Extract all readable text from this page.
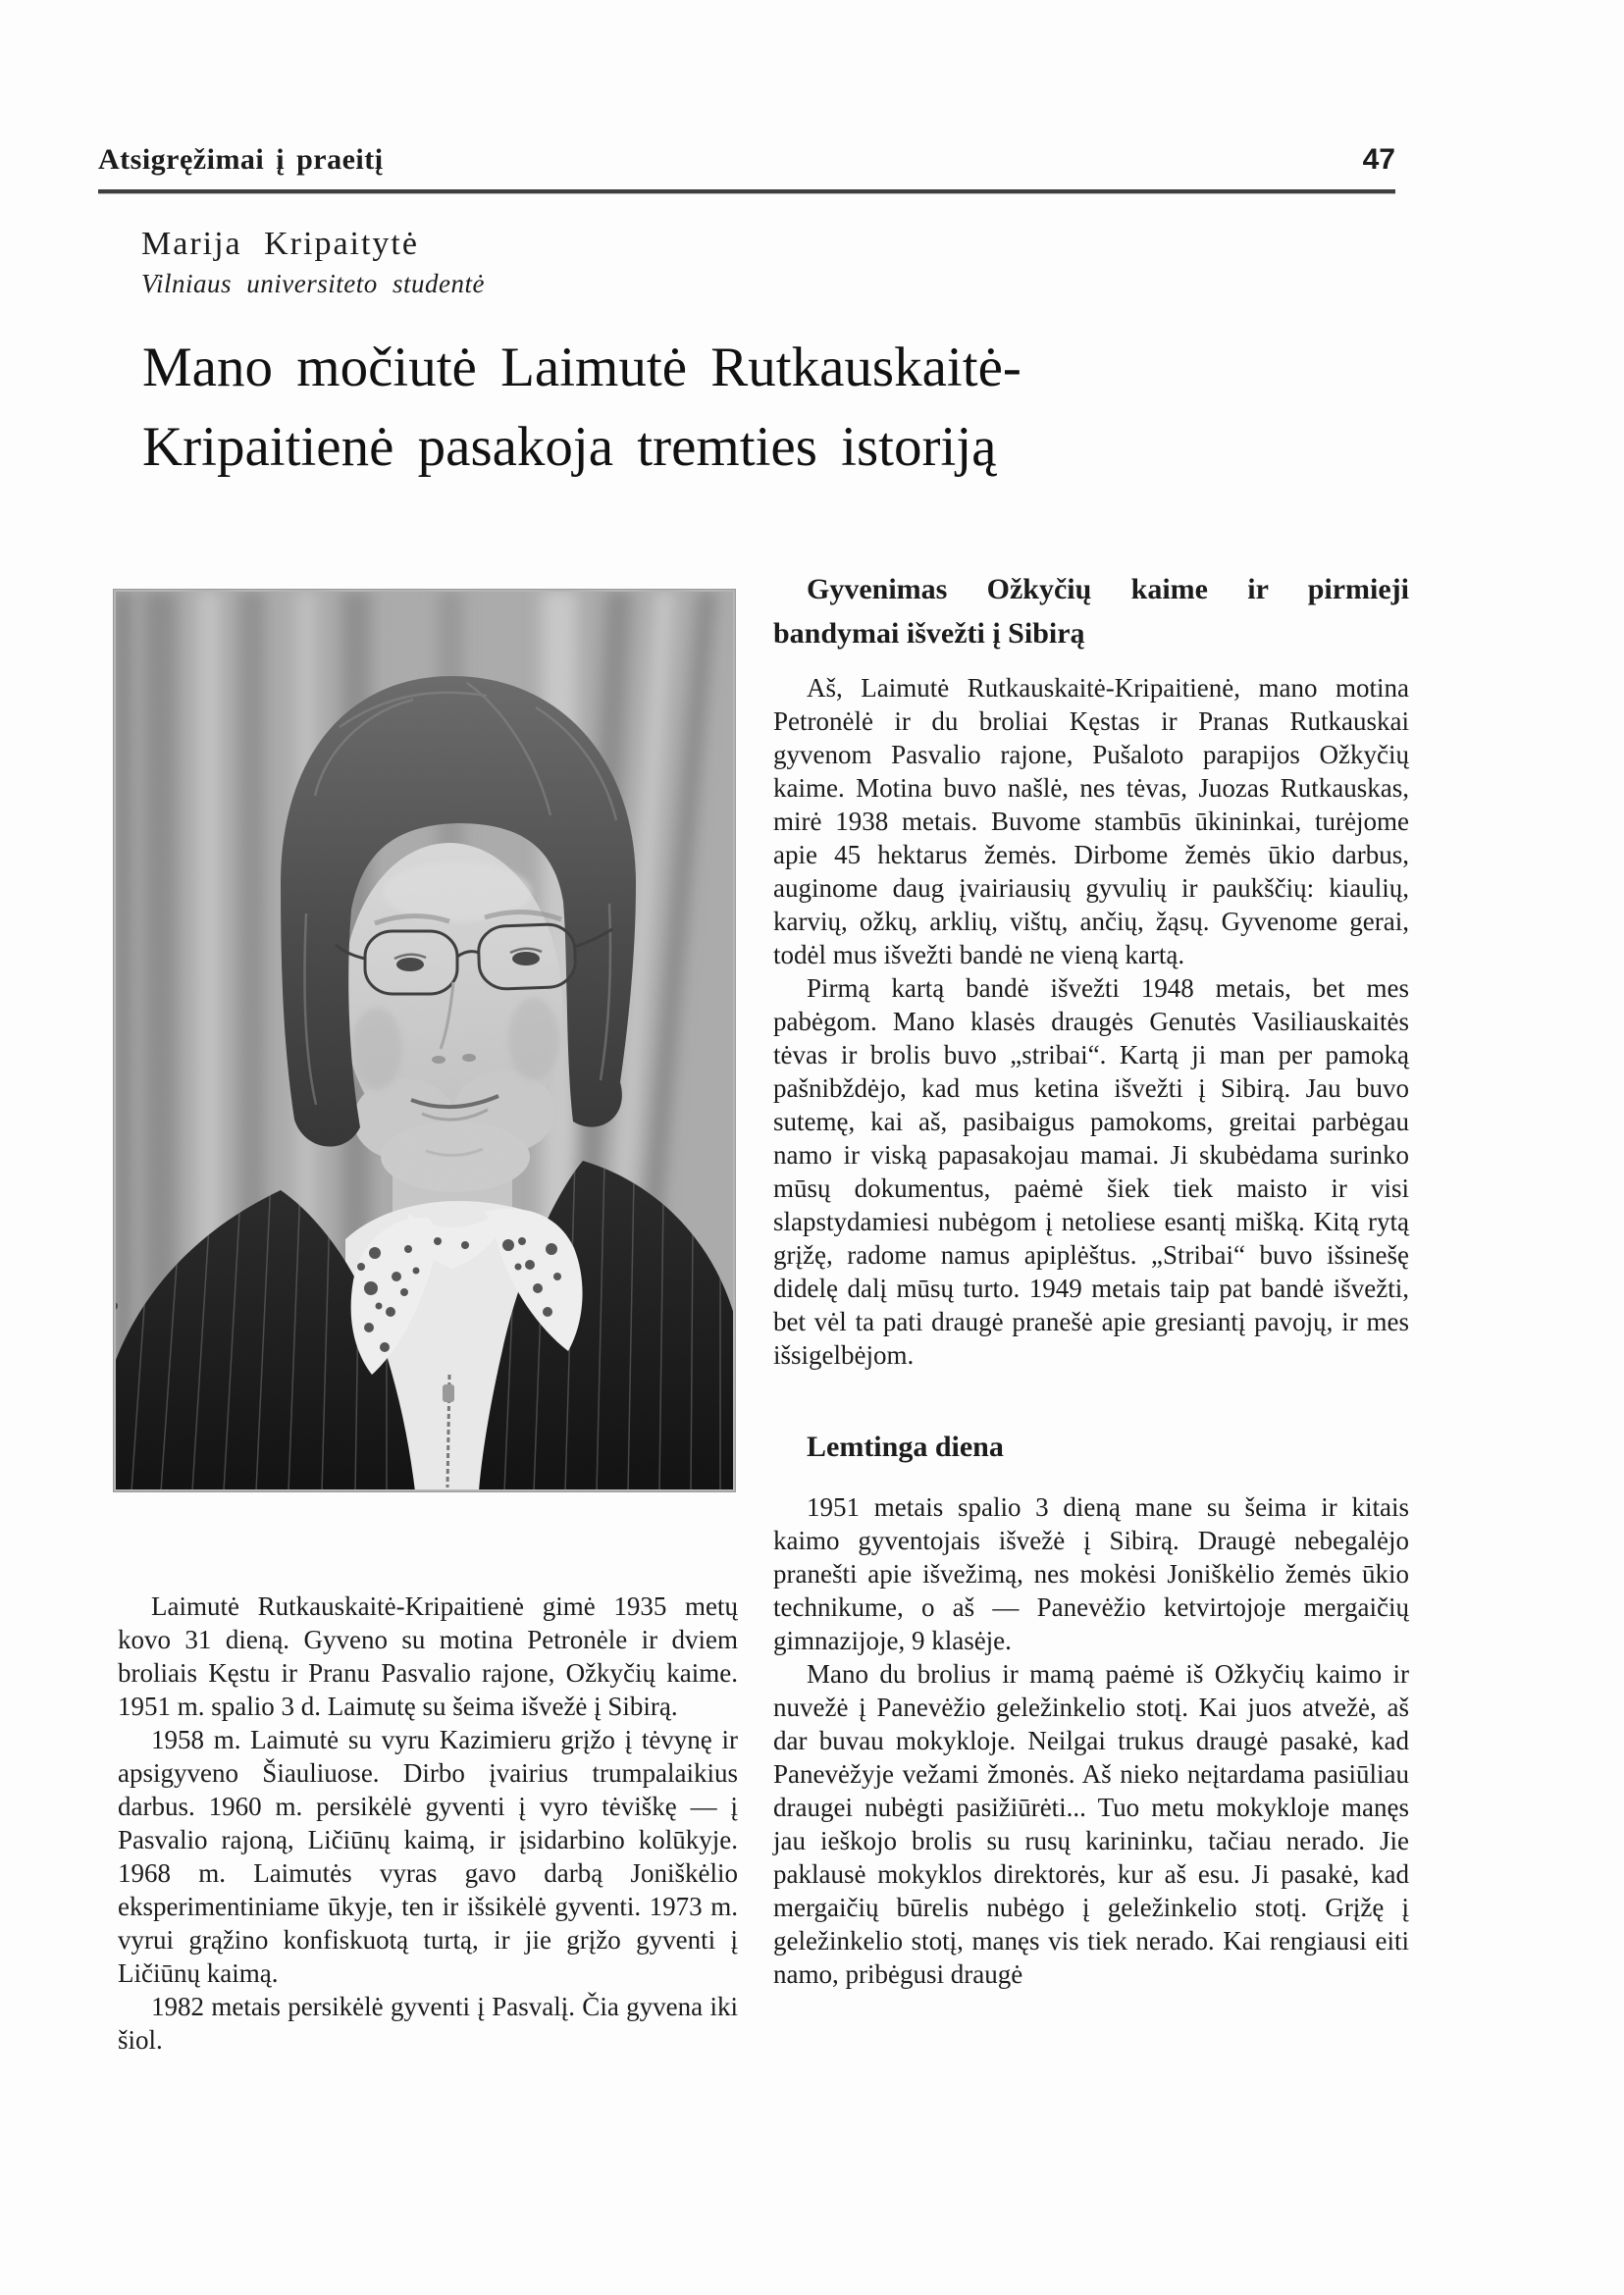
Atsigręžimai į praeitį	47
Marija Kripaitytė
Vilniaus universiteto studentė
Mano močiutė Laimutė Rutkauskaitė-
Kripaitienė pasakoja tremties istoriją

Laimutė Rutkauskaitė-Kripaitienė gimė 1935 metų kovo 31 dieną. Gyveno su motina Petronėle ir dviem broliais Kęstu ir Pranu Pasvalio rajone, Ožkyčių kaime. 1951 m. spalio 3 d. Laimutę su šeima išvežė į Sibirą.

1958 m. Laimutė su vyru Kazimieru grįžo į tėvynę ir apsigyveno Šiauliuose. Dirbo įvairius trumpalaikius darbus. 1960 m. persikėlė gyventi į vyro tėviškę — į Pasvalio rajoną, Ličiūnų kaimą, ir įsidarbino kolūkyje. 1968 m. Laimutės vyras gavo darbą Joniškėlio eksperimentiniame ūkyje, ten ir išsikėlė gyventi. 1973 m. vyrui grąžino konfiskuotą turtą, ir jie grįžo gyventi į Ličiūnų kaimą.

1982 metais persikėlė gyventi į Pasvalį. Čia gyvena iki šiol.

Gyvenimas Ožkyčių kaime ir pirmieji bandymai išvežti į Sibirą

Aš, Laimutė Rutkauskaitė-Kripaitienė, mano motina Petronėlė ir du broliai Kęstas ir Pranas Rutkauskai gyvenom Pasvalio rajone, Pušaloto parapijos Ožkyčių kaime. Motina buvo našlė, nes tėvas, Juozas Rutkauskas, mirė 1938 metais. Buvome stambūs ūkininkai, turėjome apie 45 hektarus žemės. Dirbome žemės ūkio darbus, auginome daug įvairiausių gyvulių ir paukščių: kiaulių, karvių, ožkų, arklių, vištų, ančių, žąsų. Gyvenome gerai, todėl mus išvežti bandė ne vieną kartą.

Pirmą kartą bandė išvežti 1948 metais, bet mes pabėgom. Mano klasės draugės Genutės Vasiliauskaitės tėvas ir brolis buvo „stribai“. Kartą ji man per pamoką pašnibždėjo, kad mus ketina išvežti į Sibirą. Jau buvo sutemę, kai aš, pasibaigus pamokoms, greitai parbėgau namo ir viską papasakojau mamai. Ji skubėdama surinko mūsų dokumentus, paėmė šiek tiek maisto ir visi slapstydamiesi nubėgom į netoliese esantį mišką. Kitą rytą grįžę, radome namus apiplėštus. „Stribai“ buvo išsinešę didelę dalį mūsų turto. 1949 metais taip pat bandė išvežti, bet vėl ta pati draugė pranešė apie gresiantį pavojų, ir mes išsigelbėjom.

Lemtinga diena

1951 metais spalio 3 dieną mane su šeima ir kitais kaimo gyventojais išvežė į Sibirą. Draugė nebegalėjo pranešti apie išvežimą, nes mokėsi Joniškėlio žemės ūkio technikume, o aš — Panevėžio ketvirtojoje mergaičių gimnazijoje, 9 klasėje.

Mano du brolius ir mamą paėmė iš Ožkyčių kaimo ir nuvežė į Panevėžio geležinkelio stotį. Kai juos atvežė, aš dar buvau mokykloje. Neilgai trukus draugė pasakė, kad Panevėžyje vežami žmonės. Aš nieko neįtardama pasiūliau draugei nubėgti pasižiūrėti... Tuo metu mokykloje manęs jau ieškojo brolis su rusų karininku, tačiau nerado. Jie paklausė mokyklos direktorės, kur aš esu. Ji pasakė, kad mergaičių būrelis nubėgo į geležinkelio stotį. Grįžę į geležinkelio stotį, manęs vis tiek nerado. Kai rengiausi eiti namo, pribėgusi draugė
